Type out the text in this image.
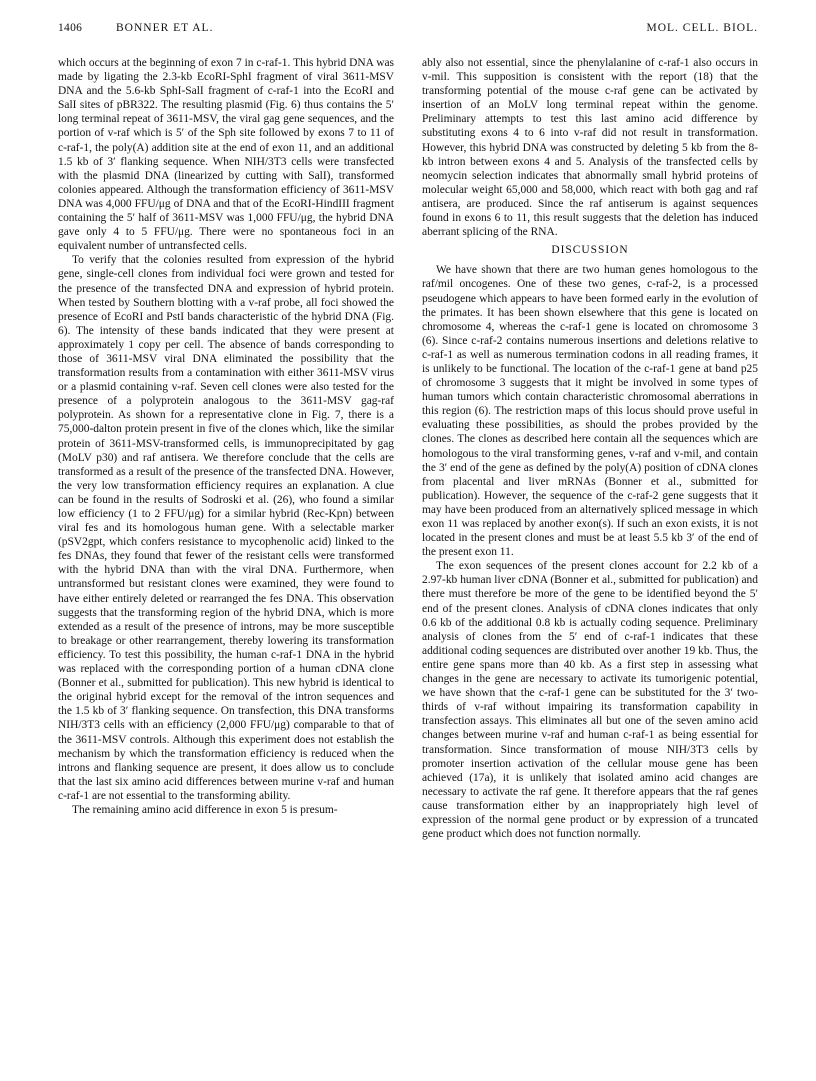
1406	BONNER ET AL.	MOL. CELL. BIOL.

which occurs at the beginning of exon 7 in c-raf-1. This hybrid DNA was made by ligating the 2.3-kb EcoRI-SphI fragment of viral 3611-MSV DNA and the 5.6-kb SphI-SalI fragment of c-raf-1 into the EcoRI and SalI sites of pBR322. The resulting plasmid (Fig. 6) thus contains the 5′ long terminal repeat of 3611-MSV, the viral gag gene sequences, and the portion of v-raf which is 5′ of the Sph site followed by exons 7 to 11 of c-raf-1, the poly(A) addition site at the end of exon 11, and an additional 1.5 kb of 3′ flanking sequence. When NIH/3T3 cells were transfected with the plasmid DNA (linearized by cutting with SalI), transformed colonies appeared. Although the transformation efficiency of 3611-MSV DNA was 4,000 FFU/μg of DNA and that of the EcoRI-HindIII fragment containing the 5′ half of 3611-MSV was 1,000 FFU/μg, the hybrid DNA gave only 4 to 5 FFU/μg. There were no spontaneous foci in an equivalent number of untransfected cells.

To verify that the colonies resulted from expression of the hybrid gene, single-cell clones from individual foci were grown and tested for the presence of the transfected DNA and expression of hybrid protein. When tested by Southern blotting with a v-raf probe, all foci showed the presence of EcoRI and PstI bands characteristic of the hybrid DNA (Fig. 6). The intensity of these bands indicated that they were present at approximately 1 copy per cell. The absence of bands corresponding to those of 3611-MSV viral DNA eliminated the possibility that the transformation results from a contamination with either 3611-MSV virus or a plasmid containing v-raf. Seven cell clones were also tested for the presence of a polyprotein analogous to the 3611-MSV gag-raf polyprotein. As shown for a representative clone in Fig. 7, there is a 75,000-dalton protein present in five of the clones which, like the similar protein of 3611-MSV-transformed cells, is immunoprecipitated by gag (MoLV p30) and raf antisera. We therefore conclude that the cells are transformed as a result of the presence of the transfected DNA. However, the very low transformation efficiency requires an explanation. A clue can be found in the results of Sodroski et al. (26), who found a similar low efficiency (1 to 2 FFU/μg) for a similar hybrid (Rec-Kpn) between viral fes and its homologous human gene. With a selectable marker (pSV2gpt, which confers resistance to mycophenolic acid) linked to the fes DNAs, they found that fewer of the resistant cells were transformed with the hybrid DNA than with the viral DNA. Furthermore, when untransformed but resistant clones were examined, they were found to have either entirely deleted or rearranged the fes DNA. This observation suggests that the transforming region of the hybrid DNA, which is more extended as a result of the presence of introns, may be more susceptible to breakage or other rearrangement, thereby lowering its transformation efficiency. To test this possibility, the human c-raf-1 DNA in the hybrid was replaced with the corresponding portion of a human cDNA clone (Bonner et al., submitted for publication). This new hybrid is identical to the original hybrid except for the removal of the intron sequences and the 1.5 kb of 3′ flanking sequence. On transfection, this DNA transforms NIH/3T3 cells with an efficiency (2,000 FFU/μg) comparable to that of the 3611-MSV controls. Although this experiment does not establish the mechanism by which the transformation efficiency is reduced when the introns and flanking sequence are present, it does allow us to conclude that the last six amino acid differences between murine v-raf and human c-raf-1 are not essential to the transforming ability.

The remaining amino acid difference in exon 5 is presum-

ably also not essential, since the phenylalanine of c-raf-1 also occurs in v-mil. This supposition is consistent with the report (18) that the transforming potential of the mouse c-raf gene can be activated by insertion of an MoLV long terminal repeat within the genome. Preliminary attempts to test this last amino acid difference by substituting exons 4 to 6 into v-raf did not result in transformation. However, this hybrid DNA was constructed by deleting 5 kb from the 8-kb intron between exons 4 and 5. Analysis of the transfected cells by neomycin selection indicates that abnormally small hybrid proteins of molecular weight 65,000 and 58,000, which react with both gag and raf antisera, are produced. Since the raf antiserum is against sequences found in exons 6 to 11, this result suggests that the deletion has induced aberrant splicing of the RNA.

DISCUSSION

We have shown that there are two human genes homologous to the raf/mil oncogenes. One of these two genes, c-raf-2, is a processed pseudogene which appears to have been formed early in the evolution of the primates. It has been shown elsewhere that this gene is located on chromosome 4, whereas the c-raf-1 gene is located on chromosome 3 (6). Since c-raf-2 contains numerous insertions and deletions relative to c-raf-1 as well as numerous termination codons in all reading frames, it is unlikely to be functional. The location of the c-raf-1 gene at band p25 of chromosome 3 suggests that it might be involved in some types of human tumors which contain characteristic chromosomal aberrations in this region (6). The restriction maps of this locus should prove useful in evaluating these possibilities, as should the probes provided by the clones. The clones as described here contain all the sequences which are homologous to the viral transforming genes, v-raf and v-mil, and contain the 3′ end of the gene as defined by the poly(A) position of cDNA clones from placental and liver mRNAs (Bonner et al., submitted for publication). However, the sequence of the c-raf-2 gene suggests that it may have been produced from an alternatively spliced message in which exon 11 was replaced by another exon(s). If such an exon exists, it is not located in the present clones and must be at least 5.5 kb 3′ of the end of the present exon 11.

The exon sequences of the present clones account for 2.2 kb of a 2.97-kb human liver cDNA (Bonner et al., submitted for publication) and there must therefore be more of the gene to be identified beyond the 5′ end of the present clones. Analysis of cDNA clones indicates that only 0.6 kb of the additional 0.8 kb is actually coding sequence. Preliminary analysis of clones from the 5′ end of c-raf-1 indicates that these additional coding sequences are distributed over another 19 kb. Thus, the entire gene spans more than 40 kb. As a first step in assessing what changes in the gene are necessary to activate its tumorigenic potential, we have shown that the c-raf-1 gene can be substituted for the 3′ two-thirds of v-raf without impairing its transformation capability in transfection assays. This eliminates all but one of the seven amino acid changes between murine v-raf and human c-raf-1 as being essential for transformation. Since transformation of mouse NIH/3T3 cells by promoter insertion activation of the cellular mouse gene has been achieved (17a), it is unlikely that isolated amino acid changes are necessary to activate the raf gene. It therefore appears that the raf genes cause transformation either by an inappropriately high level of expression of the normal gene product or by expression of a truncated gene product which does not function normally.
